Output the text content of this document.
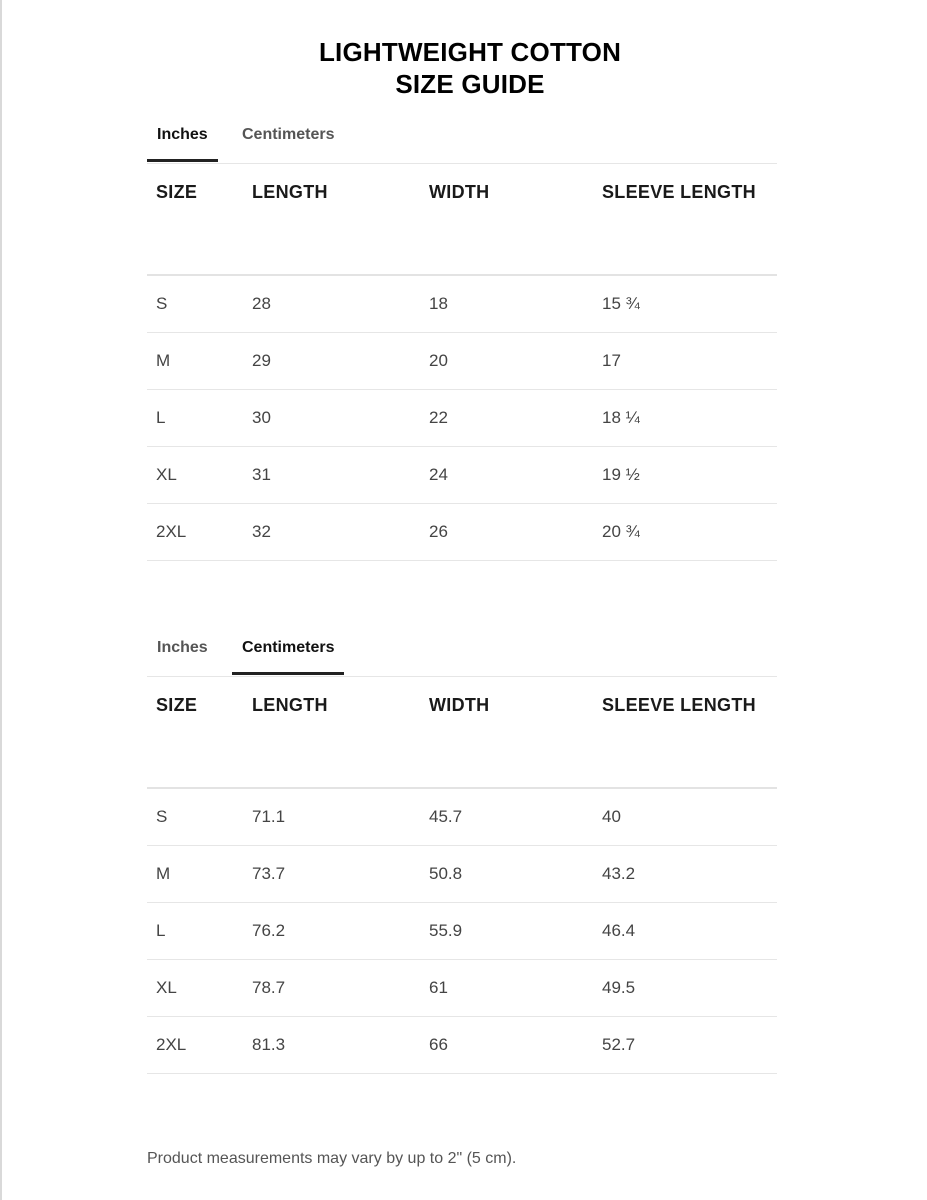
LIGHTWEIGHT COTTON
SIZE GUIDE
Inches	Centimeters
SIZE	LENGTH	WIDTH	SLEEVE LENGTH
S	28	18	15 ¾
M	29	20	17
L	30	22	18 ¼
XL	31	24	19 ½
2XL	32	26	20 ¾
Inches	Centimeters
SIZE	LENGTH	WIDTH	SLEEVE LENGTH
S	71.1	45.7	40
M	73.7	50.8	43.2
L	76.2	55.9	46.4
XL	78.7	61	49.5
2XL	81.3	66	52.7
Product measurements may vary by up to 2" (5 cm).
